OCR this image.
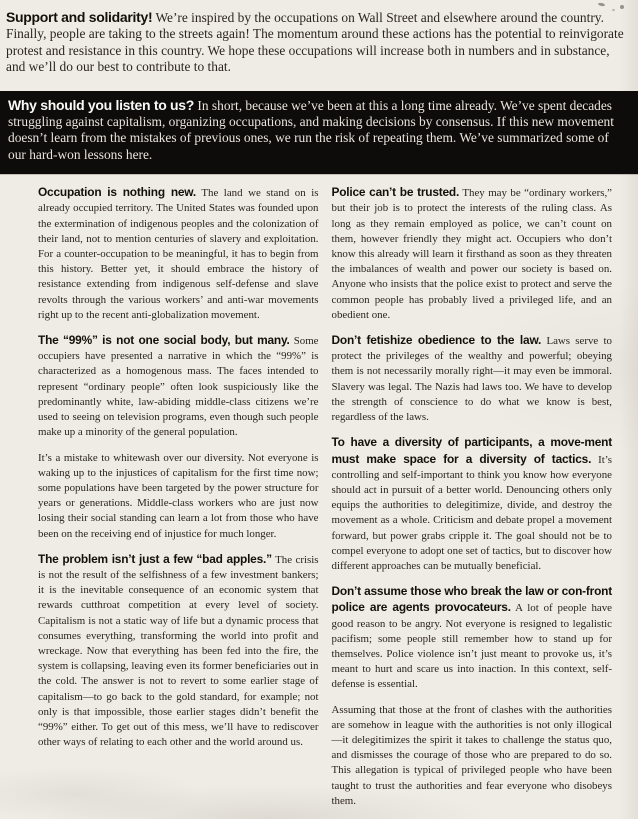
Support and solidarity! We’re inspired by the occupations on Wall Street and elsewhere around the country. Finally, people are taking to the streets again! The momentum around these actions has the potential to reinvigorate protest and resistance in this country. We hope these occupations will increase both in numbers and in substance, and we’ll do our best to contribute to that.

Why should you listen to us? In short, because we’ve been at this a long time already. We’ve spent decades struggling against capitalism, organizing occupations, and making decisions by consensus. If this new movement doesn’t learn from the mistakes of previous ones, we run the risk of repeating them. We’ve summarized some of our hard-won lessons here.

Occupation is nothing new. The land we stand on is already occupied territory. The United States was founded upon the extermination of indigenous peoples and the colonization of their land, not to mention centuries of slavery and exploitation. For a counter-occupation to be meaningful, it has to begin from this history. Better yet, it should embrace the history of resistance extending from indigenous self-defense and slave revolts through the various workers’ and anti-war movements right up to the recent anti-globalization movement.

The “99%” is not one social body, but many. Some occupiers have presented a narrative in which the “99%” is characterized as a homogenous mass. The faces intended to represent “ordinary people” often look suspiciously like the predominantly white, law-abiding middle-class citizens we’re used to seeing on television programs, even though such people make up a minority of the general population.

It’s a mistake to whitewash over our diversity. Not everyone is waking up to the injustices of capitalism for the first time now; some populations have been targeted by the power structure for years or generations. Middle-class workers who are just now losing their social standing can learn a lot from those who have been on the receiving end of injustice for much longer.

The problem isn’t just a few “bad apples.” The crisis is not the result of the selfishness of a few investment bankers; it is the inevitable consequence of an economic system that rewards cutthroat competition at every level of society. Capitalism is not a static way of life but a dynamic process that consumes everything, transforming the world into profit and wreckage. Now that everything has been fed into the fire, the system is collapsing, leaving even its former beneficiaries out in the cold. The answer is not to revert to some earlier stage of capitalism—to go back to the gold standard, for example; not only is that impossible, those earlier stages didn’t benefit the “99%” either. To get out of this mess, we’ll have to rediscover other ways of relating to each other and the world around us.

Police can’t be trusted. They may be “ordinary workers,” but their job is to protect the interests of the ruling class. As long as they remain employed as police, we can’t count on them, however friendly they might act. Occupiers who don’t know this already will learn it firsthand as soon as they threaten the imbalances of wealth and power our society is based on. Anyone who insists that the police exist to protect and serve the common people has probably lived a privileged life, and an obedient one.

Don’t fetishize obedience to the law. Laws serve to protect the privileges of the wealthy and powerful; obeying them is not necessarily morally right—it may even be immoral. Slavery was legal. The Nazis had laws too. We have to develop the strength of conscience to do what we know is best, regardless of the laws.

To have a diversity of participants, a move-ment must make space for a diversity of tactics. It’s controlling and self-important to think you know how everyone should act in pursuit of a better world. Denouncing others only equips the authorities to delegitimize, divide, and destroy the movement as a whole. Criticism and debate propel a movement forward, but power grabs cripple it. The goal should not be to compel everyone to adopt one set of tactics, but to discover how different approaches can be mutually beneficial.

Don’t assume those who break the law or con-front police are agents provocateurs. A lot of people have good reason to be angry. Not everyone is resigned to legalistic pacifism; some people still remember how to stand up for themselves. Police violence isn’t just meant to provoke us, it’s meant to hurt and scare us into inaction. In this context, self-defense is essential.

Assuming that those at the front of clashes with the authorities are somehow in league with the authorities is not only illogical—it delegitimizes the spirit it takes to challenge the status quo, and dismisses the courage of those who are prepared to do so. This allegation is typical of privileged people who have been taught to trust the authorities and fear everyone who disobeys them.
